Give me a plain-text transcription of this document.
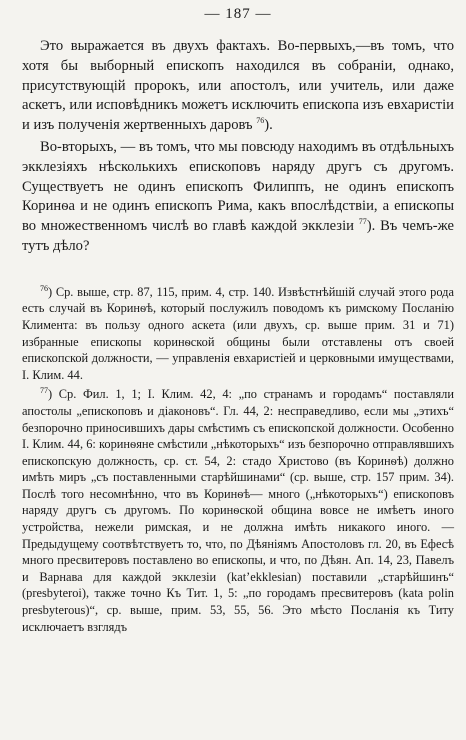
— 187 —

Это выражается въ двухъ фактахъ. Во-первыхъ,—въ томъ, что хотя бы выборный епископъ находился въ собраніи, однако, присутствующій пророкъ, или апостолъ, или учитель, или даже аскетъ, или исповѣдникъ можетъ исключить епископа изъ евхаристіи и изъ полученія жертвенныхъ даровъ $^{76}$).

Во-вторыхъ, — въ томъ, что мы повсюду находимъ въ отдѣльныхъ экклезіяхъ нѣсколькихъ епископовъ наряду другъ съ другомъ. Существуетъ не одинъ епископъ Филиппъ, не одинъ епископъ Коринѳа и не одинъ епископъ Рима, какъ впослѣдствіи, а епископы во множественномъ числѣ во главѣ каждой экклезіи $^{77}$). Въ чемъ-же тутъ дѣло?

$^{76}$) Ср. выше, стр. 87, 115, прим. 4, стр. 140. Извѣстнѣйшій случай этого рода есть случай въ Коринѳѣ, который послужилъ поводомъ къ римскому Посланію Климента: въ пользу одного аскета (или двухъ, ср. выше прим. 31 и 71) избранные епископы коринѳской общины были отставлены отъ своей епископской должности, — управленія евхаристіей и церковными имуществами, I. Клим. 44.

$^{77}$) Ср. Фил. 1, 1; I. Клим. 42, 4: „по странамъ и городамъ“ поставляли апостолы „епископовъ и діаконовъ“. Гл. 44, 2: несправедливо, если мы „этихъ“ безпорочно приносившихъ дары смѣстимъ съ епископской должности. Особенно I. Клим. 44, 6: коринѳяне смѣстили „нѣкоторыхъ“ изъ безпорочно отправлявшихъ епископскую должность, ср. ст. 54, 2: стадо Христово (въ Коринѳѣ) должно имѣть миръ „съ поставленными старѣйшинами“ (ср. выше, стр. 157 прим. 34). Послѣ того несомнѣнно, что въ Коринѳѣ— много („нѣкоторыхъ“) епископовъ наряду другъ съ другомъ. По коринѳской община вовсе не имѣетъ иного устройства, нежели римская, и не должна имѣть никакого иного. — Предыдущему соотвѣтствуетъ то, что, по Дѣяніямъ Апостоловъ гл. 20, въ Ефесѣ много пресвитеровъ поставлено во епископы, и что, по Дѣян. Ап. 14, 23, Павелъ и Варнава для каждой экклезіи (kat’ekklesian) поставили „старѣйшинъ“ (presbyteroi), также точно Къ Тит. 1, 5: „по городамъ пресвитеровъ (kata polin presbyterous)“, ср. выше, прим. 53, 55, 56. Это мѣсто Посланія къ Титу исключаетъ взглядъ
